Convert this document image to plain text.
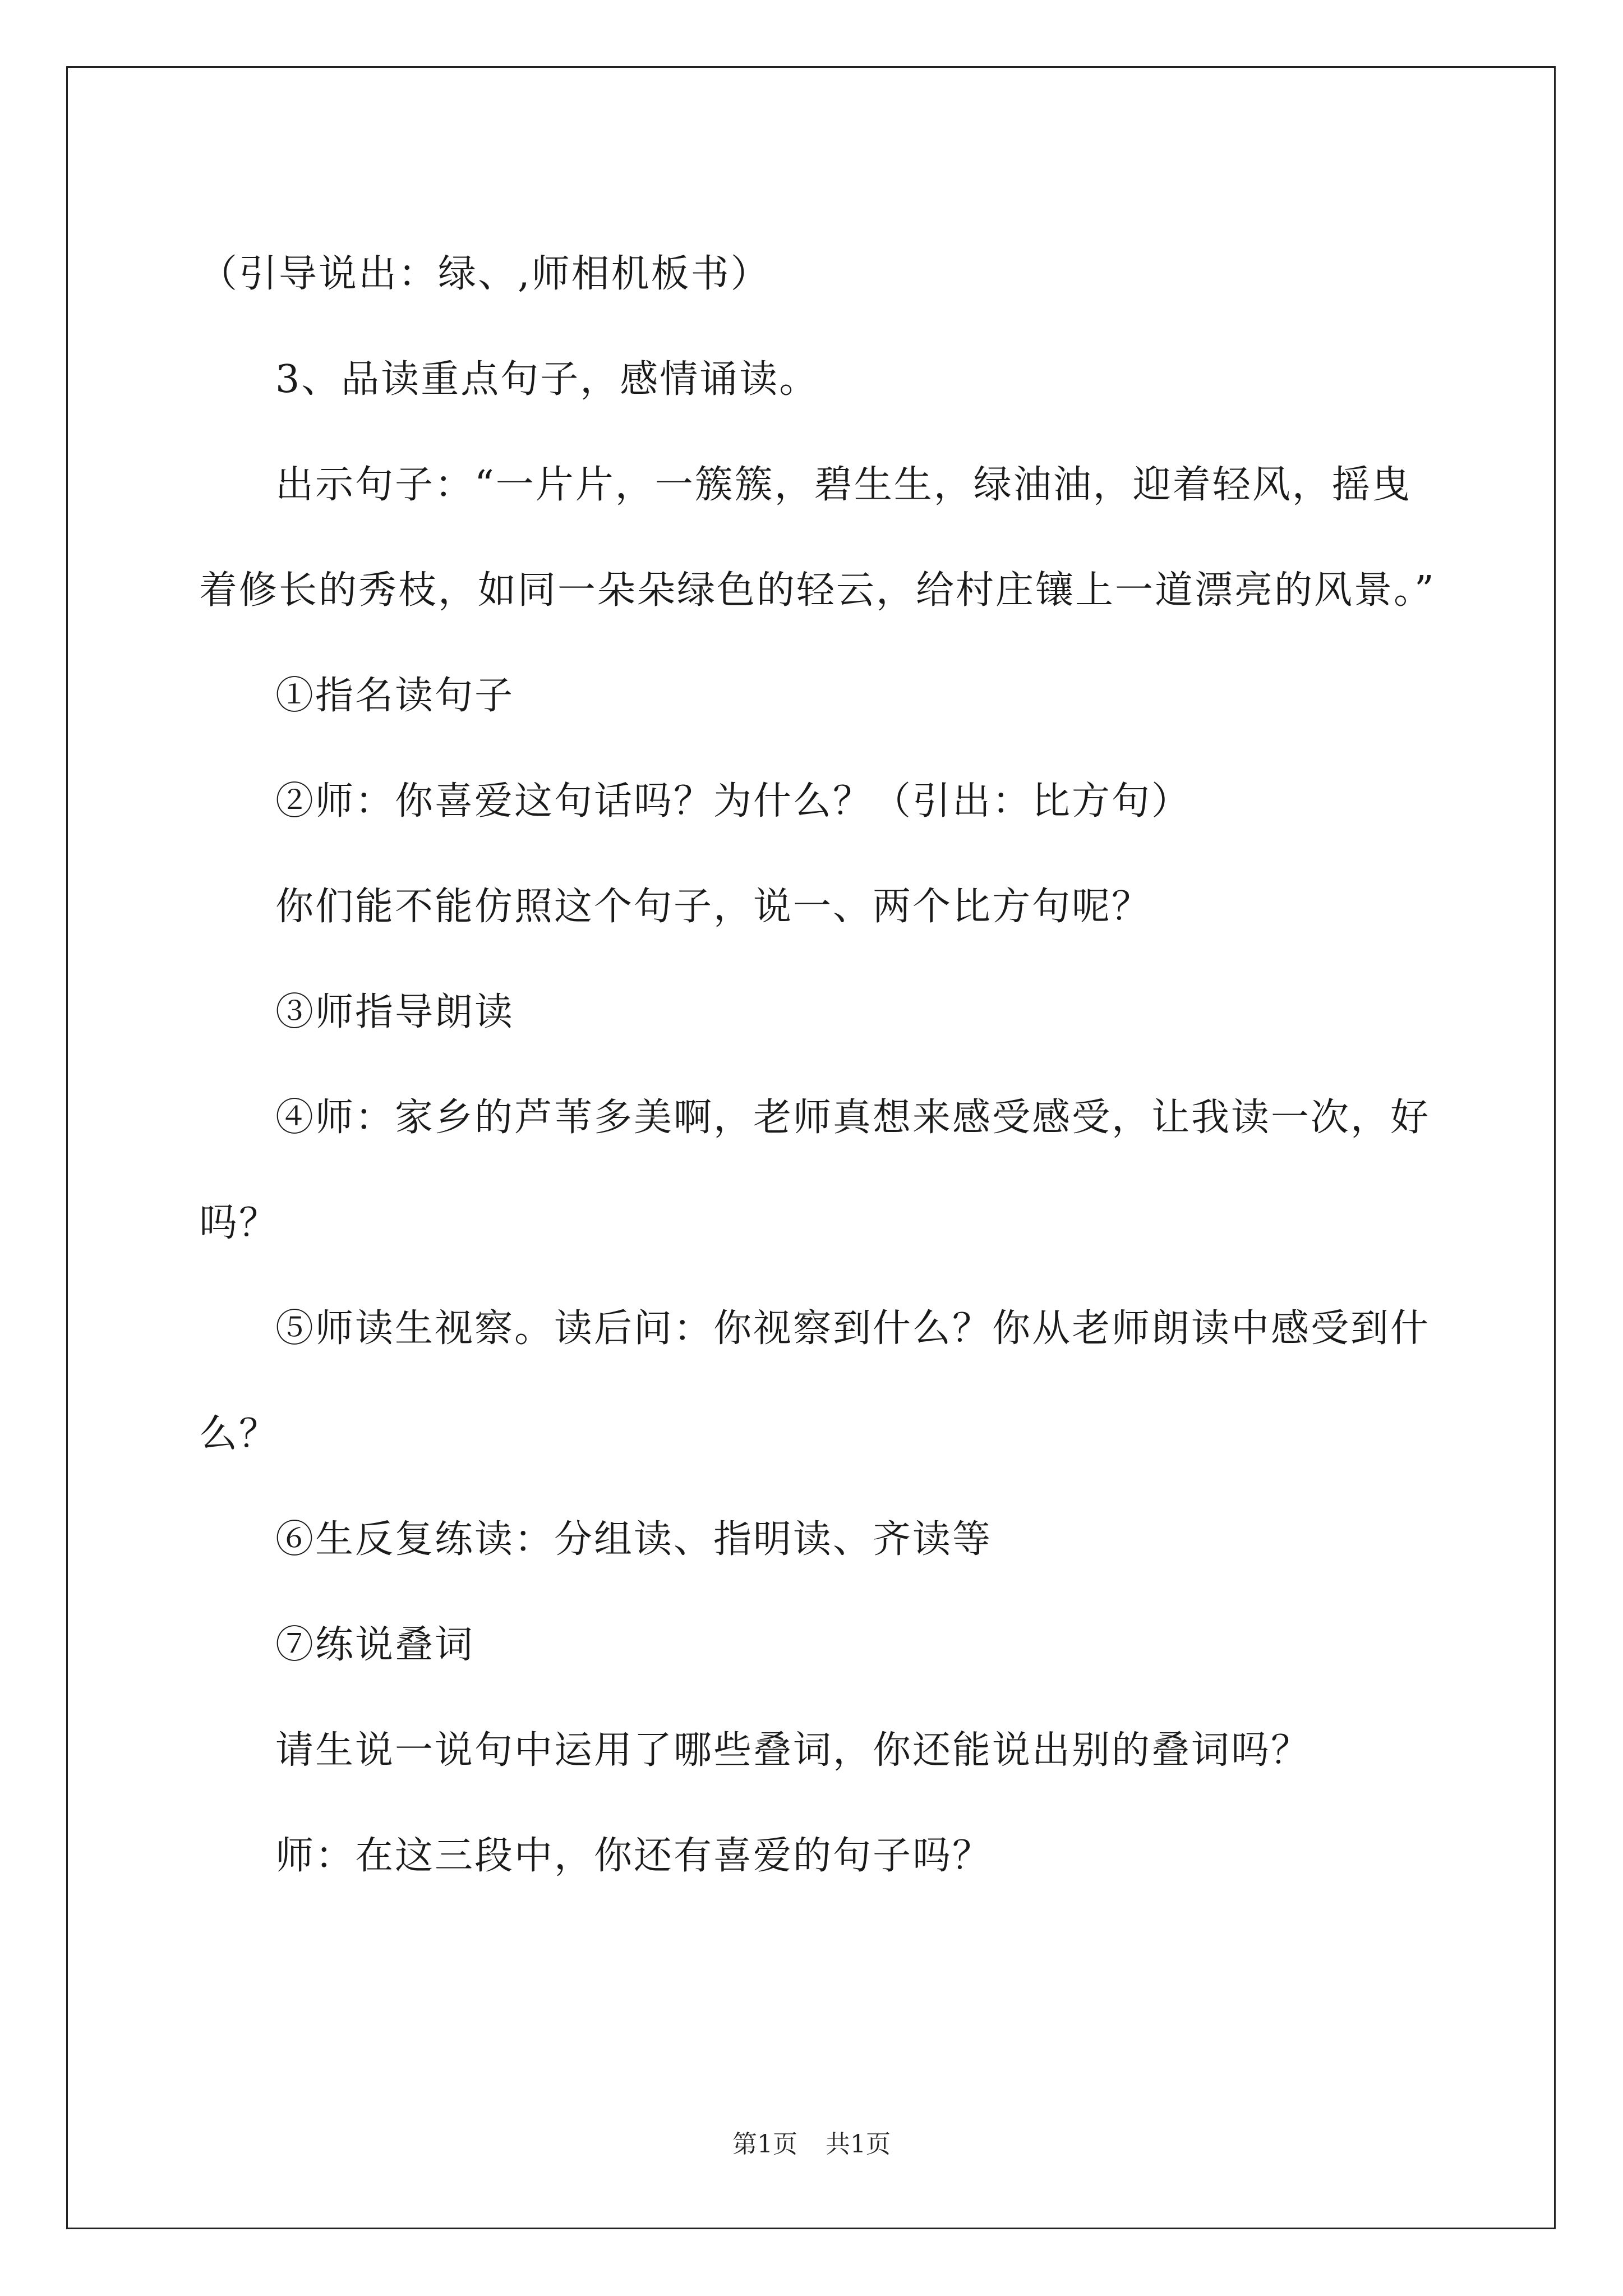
（引导说出：绿、,师相机板书）

3、品读重点句子，感情诵读。

出示句子：“一片片，一簇簇，碧生生，绿油油，迎着轻风，摇曳着修长的秀枝，如同一朵朵绿色的轻云，给村庄镶上一道漂亮的风景。”

①指名读句子

②师：你喜爱这句话吗？为什么？（引出：比方句）

你们能不能仿照这个句子，说一、两个比方句呢？

③师指导朗读

④师：家乡的芦苇多美啊，老师真想来感受感受，让我读一次，好吗？

⑤师读生视察。读后问：你视察到什么？你从老师朗读中感受到什么？

⑥生反复练读：分组读、指明读、齐读等

⑦练说叠词

请生说一说句中运用了哪些叠词，你还能说出别的叠词吗？

师：在这三段中，你还有喜爱的句子吗？

第1页 共1页
